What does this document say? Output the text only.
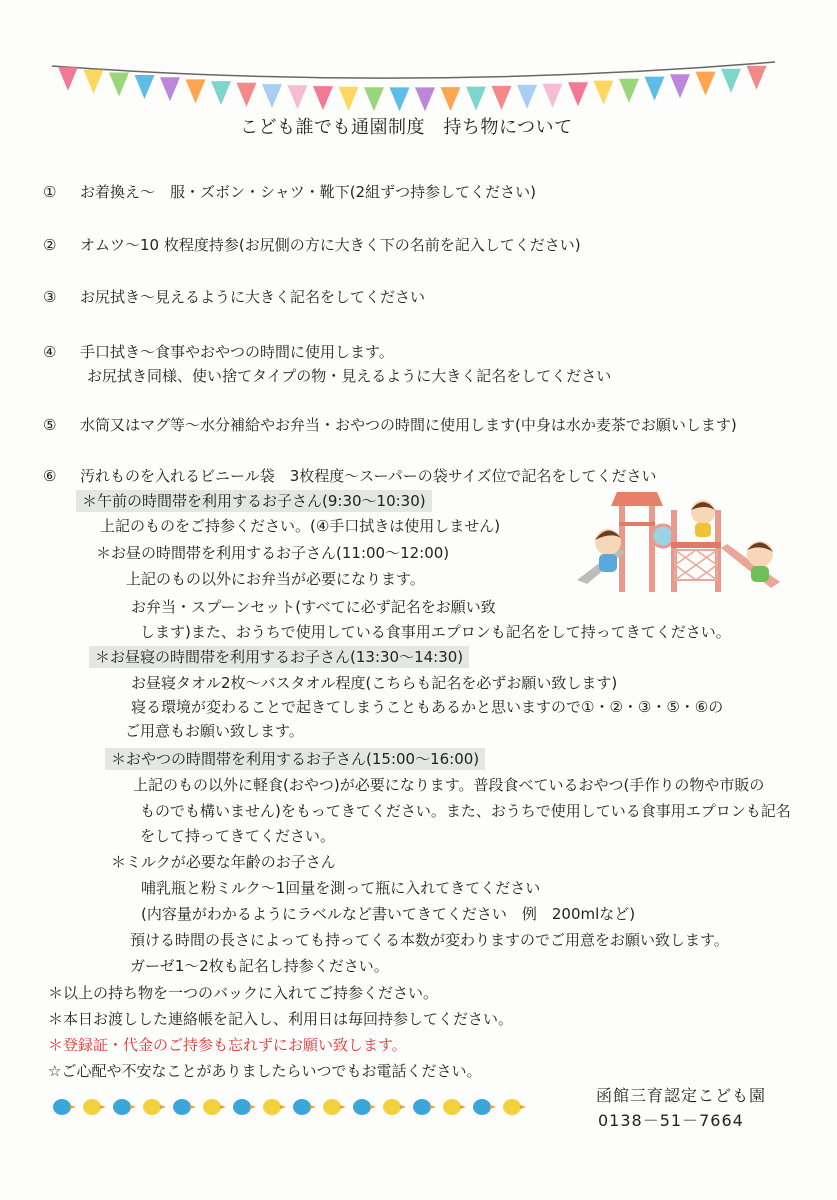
こども誰でも通園制度　持ち物について
① お着換え～　服・ズボン・シャツ・靴下(2組ずつ持参してください)
② オムツ～10 枚程度持参(お尻側の方に大きく下の名前を記入してください)
③ お尻拭き～見えるように大きく記名をしてください
④ 手口拭き～食事やおやつの時間に使用します。
お尻拭き同様、使い捨てタイプの物・見えるように大きく記名をしてください
⑤ 水筒又はマグ等～水分補給やお弁当・おやつの時間に使用します(中身は水か麦茶でお願いします)
⑥ 汚れものを入れるビニール袋　3枚程度～スーパーの袋サイズ位で記名をしてください
＊午前の時間帯を利用するお子さん(9:30～10:30)
上記のものをご持参ください。(④手口拭きは使用しません)
＊お昼の時間帯を利用するお子さん(11:00～12:00)
上記のもの以外にお弁当が必要になります。
お弁当・スプーンセット(すべてに必ず記名をお願い致
します)また、おうちで使用している食事用エプロンも記名をして持ってきてください。
＊お昼寝の時間帯を利用するお子さん(13:30～14:30)
お昼寝タオル2枚～バスタオル程度(こちらも記名を必ずお願い致します)
寝る環境が変わることで起きてしまうこともあるかと思いますので①・②・③・⑤・⑥の
ご用意もお願い致します。
＊おやつの時間帯を利用するお子さん(15:00～16:00)
上記のもの以外に軽食(おやつ)が必要になります。普段食べているおやつ(手作りの物や市販の
ものでも構いません)をもってきてください。また、おうちで使用している食事用エプロンも記名
をして持ってきてください。
＊ミルクが必要な年齢のお子さん
哺乳瓶と粉ミルク～1回量を測って瓶に入れてきてください
(内容量がわかるようにラベルなど書いてきてください　例　200mlなど)
預ける時間の長さによっても持ってくる本数が変わりますのでご用意をお願い致します。
ガーゼ1～2枚も記名し持参ください。
＊以上の持ち物を一つのバックに入れてご持参ください。
＊本日お渡しした連絡帳を記入し、利用日は毎回持参してください。
＊登録証・代金のご持参も忘れずにお願い致します。
☆ご心配や不安なことがありましたらいつでもお電話ください。
函館三育認定こども園
0138－51－7664
